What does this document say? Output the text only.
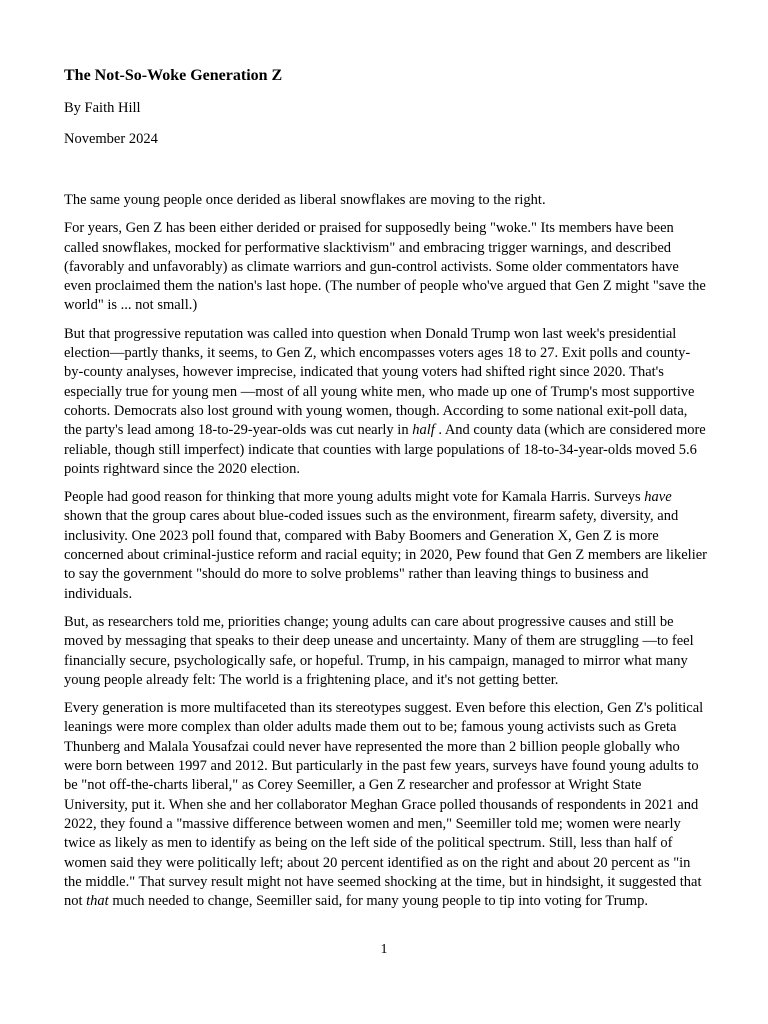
The Not-So-Woke Generation Z
By Faith Hill
November 2024

The same young people once derided as liberal snowflakes are moving to the right.

For years, Gen Z has been either derided or praised for supposedly being "woke." Its members have been called snowflakes, mocked for performative slacktivism" and embracing trigger warnings, and described (favorably and unfavorably) as climate warriors and gun-control activists. Some older commentators have even proclaimed them the nation's last hope. (The number of people who've argued that Gen Z might "save the world" is ... not small.)

But that progressive reputation was called into question when Donald Trump won last week's presidential election—partly thanks, it seems, to Gen Z, which encompasses voters ages 18 to 27. Exit polls and county-by-county analyses, however imprecise, indicated that young voters had shifted right since 2020. That's especially true for young men —most of all young white men, who made up one of Trump's most supportive cohorts. Democrats also lost ground with young women, though. According to some national exit-poll data, the party's lead among 18-to-29-year-olds was cut nearly in half . And county data (which are considered more reliable, though still imperfect) indicate that counties with large populations of 18-to-34-year-olds moved 5.6 points rightward since the 2020 election.

People had good reason for thinking that more young adults might vote for Kamala Harris. Surveys have shown that the group cares about blue-coded issues such as the environment, firearm safety, diversity, and inclusivity. One 2023 poll found that, compared with Baby Boomers and Generation X, Gen Z is more concerned about criminal-justice reform and racial equity; in 2020, Pew found that Gen Z members are likelier to say the government "should do more to solve problems" rather than leaving things to business and individuals.

But, as researchers told me, priorities change; young adults can care about progressive causes and still be moved by messaging that speaks to their deep unease and uncertainty. Many of them are struggling —to feel financially secure, psychologically safe, or hopeful. Trump, in his campaign, managed to mirror what many young people already felt: The world is a frightening place, and it's not getting better.

Every generation is more multifaceted than its stereotypes suggest. Even before this election, Gen Z's political leanings were more complex than older adults made them out to be; famous young activists such as Greta Thunberg and Malala Yousafzai could never have represented the more than 2 billion people globally who were born between 1997 and 2012. But particularly in the past few years, surveys have found young adults to be "not off-the-charts liberal," as Corey Seemiller, a Gen Z researcher and professor at Wright State University, put it. When she and her collaborator Meghan Grace polled thousands of respondents in 2021 and 2022, they found a "massive difference between women and men," Seemiller told me; women were nearly twice as likely as men to identify as being on the left side of the political spectrum. Still, less than half of women said they were politically left; about 20 percent identified as on the right and about 20 percent as "in the middle." That survey result might not have seemed shocking at the time, but in hindsight, it suggested that not that much needed to change, Seemiller said, for many young people to tip into voting for Trump.

1
